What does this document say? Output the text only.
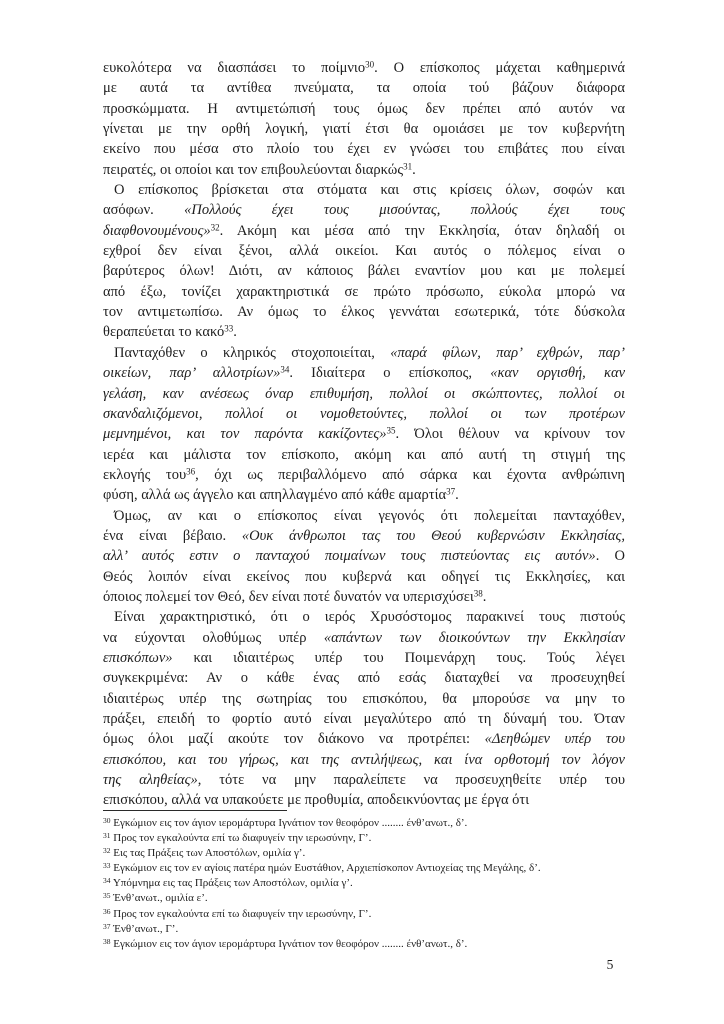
ευκολότερα να διασπάσει το ποίμνιο$^{30}$. Ο επίσκοπος μάχεται καθημερινά
με αυτά τα αντίθεα πνεύματα, τα οποία τού βάζουν διάφορα
προσκώμματα. Η αντιμετώπισή τους όμως δεν πρέπει από αυτόν να
γίνεται με την ορθή λογική, γιατί έτσι θα ομοιάσει με τον κυβερνήτη
εκείνο που μέσα στο πλοίο του έχει εν γνώσει του επιβάτες που είναι
πειρατές, οι οποίοι και τον επιβουλεύονται διαρκώς$^{31}$.
Ο επίσκοπος βρίσκεται στα στόματα και στις κρίσεις όλων, σοφών και
ασόφων. «Πολλούς έχει τους μισούντας, πολλούς έχει τους
διαφθονουμένους»$^{32}$. Ακόμη και μέσα από την Εκκλησία, όταν δηλαδή οι
εχθροί δεν είναι ξένοι, αλλά οικείοι. Και αυτός ο πόλεμος είναι ο
βαρύτερος όλων! Διότι, αν κάποιος βάλει εναντίον μου και με πολεμεί
από έξω, τονίζει χαρακτηριστικά σε πρώτο πρόσωπο, εύκολα μπορώ να
τον αντιμετωπίσω. Αν όμως το έλκος γεννάται εσωτερικά, τότε δύσκολα
θεραπεύεται το κακό$^{33}$.
Πανταχόθεν ο κληρικός στοχοποιείται, «παρά φίλων, παρ’ εχθρών, παρ’
οικείων, παρ’ αλλοτρίων»$^{34}$. Ιδιαίτερα ο επίσκοπος, «καν οργισθή, καν
γελάση, καν ανέσεως όναρ επιθυμήση, πολλοί οι σκώπτοντες, πολλοί οι
σκανδαλιζόμενοι, πολλοί οι νομοθετούντες, πολλοί οι των προτέρων
μεμνημένοι, και τον παρόντα κακίζοντες»$^{35}$. Όλοι θέλουν να κρίνουν τον
ιερέα και μάλιστα τον επίσκοπο, ακόμη και από αυτή τη στιγμή της
εκλογής του$^{36}$, όχι ως περιβαλλόμενο από σάρκα και έχοντα ανθρώπινη
φύση, αλλά ως άγγελο και απηλλαγμένο από κάθε αμαρτία$^{37}$.
Όμως, αν και ο επίσκοπος είναι γεγονός ότι πολεμείται πανταχόθεν,
ένα είναι βέβαιο. «Ουκ άνθρωποι τας του Θεού κυβερνώσιν Εκκλησίας,
αλλ’ αυτός εστιν ο πανταχού ποιμαίνων τους πιστεύοντας εις αυτόν». Ο
Θεός λοιπόν είναι εκείνος που κυβερνά και οδηγεί τις Εκκλησίες, και
όποιος πολεμεί τον Θεό, δεν είναι ποτέ δυνατόν να υπερισχύσει$^{38}$.
Είναι χαρακτηριστικό, ότι ο ιερός Χρυσόστομος παρακινεί τους πιστούς
να εύχονται ολοθύμως υπέρ «απάντων των διοικούντων την Εκκλησίαν
επισκόπων» και ιδιαιτέρως υπέρ του Ποιμενάρχη τους. Τούς λέγει
συγκεκριμένα: Αν ο κάθε ένας από εσάς διαταχθεί να προσευχηθεί
ιδιαιτέρως υπέρ της σωτηρίας του επισκόπου, θα μπορούσε να μην το
πράξει, επειδή το φορτίο αυτό είναι μεγαλύτερο από τη δύναμή του. Όταν
όμως όλοι μαζί ακούτε τον διάκονο να προτρέπει: «Δεηθώμεν υπέρ του
επισκόπου, και του γήρως, και της αντιλήψεως, και ίνα ορθοτομή τον λόγον
της αληθείας», τότε να μην παραλείπετε να προσευχηθείτε υπέρ του
επισκόπου, αλλά να υπακούετε με προθυμία, αποδεικνύοντας με έργα ότι
$^{30}$ Εγκώμιον εις τον άγιον ιερομάρτυρα Ιγνάτιον τον θεοφόρον ........ ένθ’ανωτ., δ’.
$^{31}$ Προς τον εγκαλούντα επί τω διαφυγείν την ιερωσύνην, Γ’.
$^{32}$ Εις τας Πράξεις των Αποστόλων, ομιλία γ’.
$^{33}$ Εγκώμιον εις τον εν αγίοις πατέρα ημών Ευστάθιον, Αρχιεπίσκοπον Αντιοχείας της Μεγάλης, δ’.
$^{34}$ Υπόμνημα εις τας Πράξεις των Αποστόλων, ομιλία γ’.
$^{35}$ Ένθ’ανωτ., ομιλία ε’.
$^{36}$ Προς τον εγκαλούντα επί τω διαφυγείν την ιερωσύνην, Γ’.
$^{37}$ Ένθ’ανωτ., Γ’.
$^{38}$ Εγκώμιον εις τον άγιον ιερομάρτυρα Ιγνάτιον τον θεοφόρον ........ ένθ’ανωτ., δ’.
5
